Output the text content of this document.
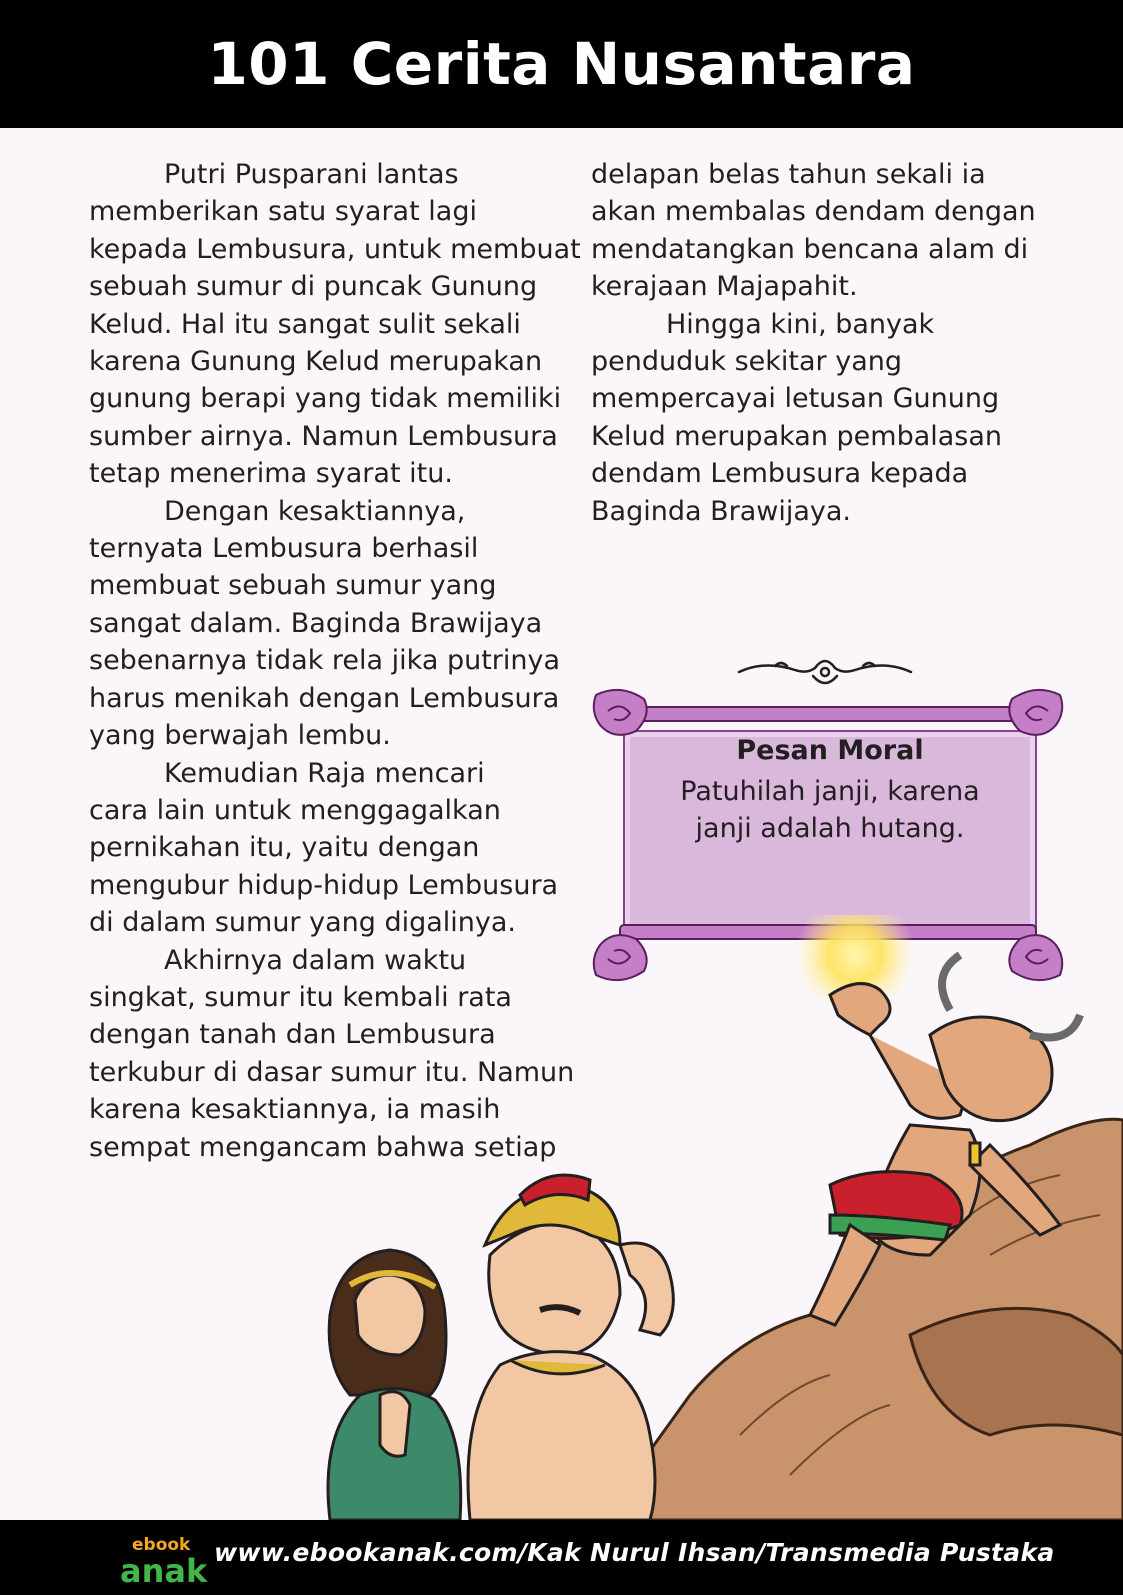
101 Cerita Nusantara

Putri Pusparani lantas

memberikan satu syarat lagi

kepada Lembusura, untuk membuat

sebuah sumur di puncak Gunung

Kelud. Hal itu sangat sulit sekali

karena Gunung Kelud merupakan

gunung berapi yang tidak memiliki

sumber airnya. Namun Lembusura

tetap menerima syarat itu.

Dengan kesaktiannya,

ternyata Lembusura berhasil

membuat sebuah sumur yang

sangat dalam. Baginda Brawijaya

sebenarnya tidak rela jika putrinya

harus menikah dengan Lembusura

yang berwajah lembu.

Kemudian Raja mencari

cara lain untuk menggagalkan

pernikahan itu, yaitu dengan

mengubur hidup-hidup Lembusura

di dalam sumur yang digalinya.

Akhirnya dalam waktu

singkat, sumur itu kembali rata

dengan tanah dan Lembusura

terkubur di dasar sumur itu. Namun

karena kesaktiannya, ia masih

sempat mengancam bahwa setiap

delapan belas tahun sekali ia

akan membalas dendam dengan

mendatangkan bencana alam di

kerajaan Majapahit.

Hingga kini, banyak

penduduk sekitar yang

mempercayai letusan Gunung

Kelud merupakan pembalasan

dendam Lembusura kepada

Baginda Brawijaya.

Pesan Moral
Patuhilah janji, karena
janji adalah hutang.
ebook
anak www.ebookanak.com/Kak Nurul Ihsan/Transmedia Pustaka
